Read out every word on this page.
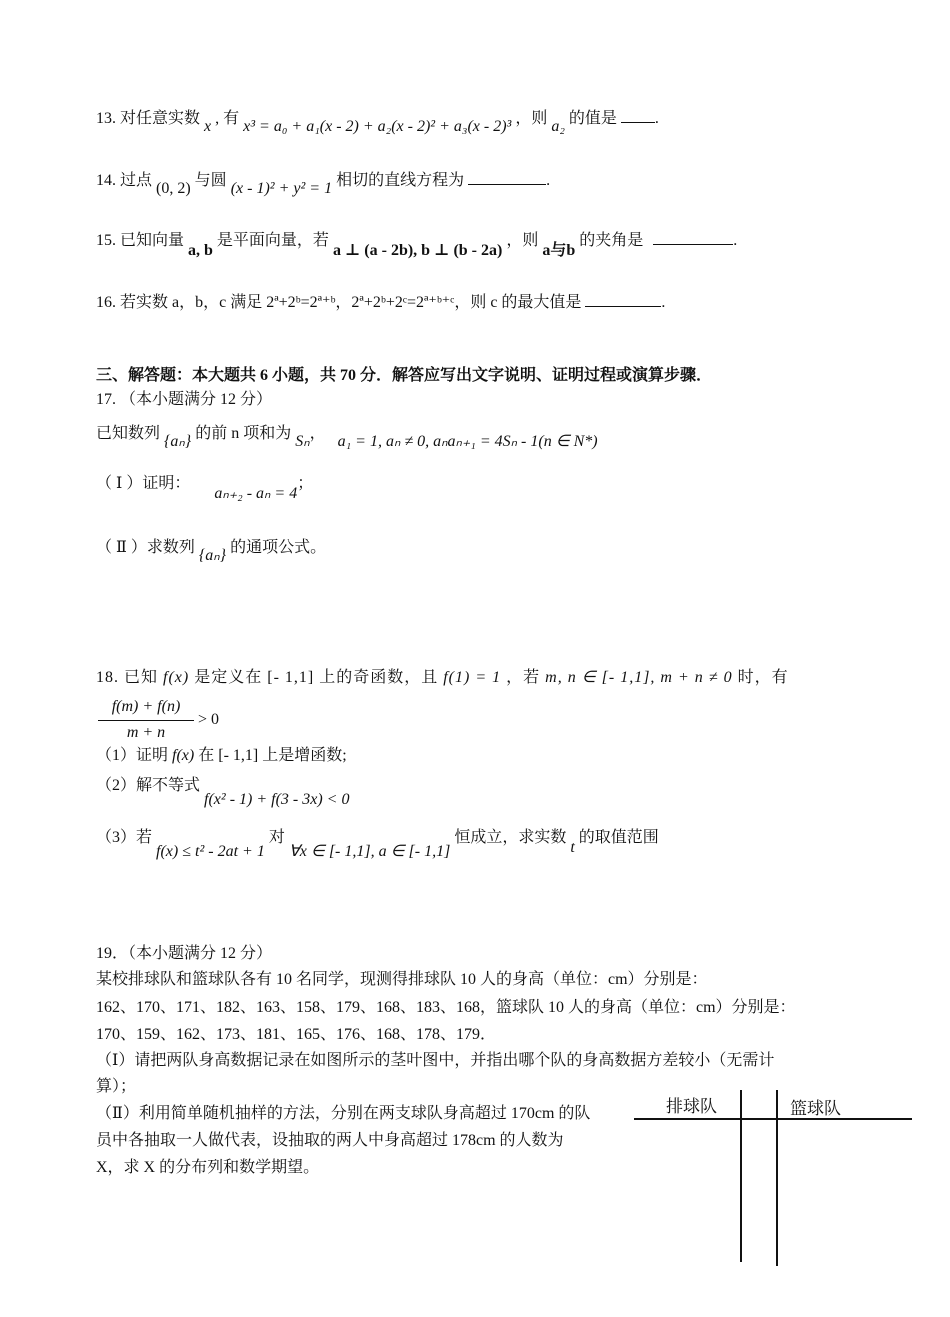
13. 对任意实数 x , 有 x³ = a₀ + a₁(x - 2) + a₂(x - 2)² + a₃(x - 2)³ ，则 a₂ 的值是 .
14. 过点 (0, 2) 与圆 (x - 1)² + y² = 1 相切的直线方程为	.
15. 已知向量 a, b 是平面向量，若 a ⊥ (a - 2b), b ⊥ (b - 2a) ，则 a与b 的夹角是	.
16. 若实数 a，b，c 满足 2ª+2ᵇ=2ª⁺ᵇ，2ª+2ᵇ+2ᶜ=2ª⁺ᵇ⁺ᶜ，则 c 的最大值是	.
三、解答题：本大题共 6 小题，共 70 分．解答应写出文字说明、证明过程或演算步骤．
17. （本小题满分 12 分）
已知数列 {aₙ} 的前 n 项和为 Sₙ， a₁ = 1, aₙ ≠ 0, aₙaₙ₊₁ = 4Sₙ - 1(n ∈ N*)
（ Ⅰ ）证明： aₙ₊₂ - aₙ = 4；
（ Ⅱ ）求数列 {aₙ} 的通项公式。
18. 已知 f(x) 是定义在 [- 1,1] 上的奇函数，且 f(1) = 1 ，若 m, n ∈ [- 1,1], m + n ≠ 0 时，有
f(m) + f(n)
m + n
> 0
（1）证明 f(x) 在 [- 1,1] 上是增函数;
（2）解不等式 f(x² - 1) + f(3 - 3x) < 0
（3）若 f(x) ≤ t² - 2at + 1 对 ∀x ∈ [- 1,1], a ∈ [- 1,1] 恒成立，求实数 t 的取值范围
19．（本小题满分 12 分）
某校排球队和篮球队各有 10 名同学，现测得排球队 10 人的身高（单位：cm）分别是：
162、170、171、182、163、158、179、168、183、168，篮球队 10 人的身高（单位：cm）分别是：
170、159、162、173、181、165、176、168、178、179．
（Ⅰ）请把两队身高数据记录在如图所示的茎叶图中，并指出哪个队的身高数据方差较小（无需计
算）；
（Ⅱ）利用简单随机抽样的方法，分别在两支球队身高超过 170cm 的队
员中各抽取一人做代表，设抽取的两人中身高超过 178cm 的人数为
X，求 X 的分布列和数学期望。
排球队	篮球队
